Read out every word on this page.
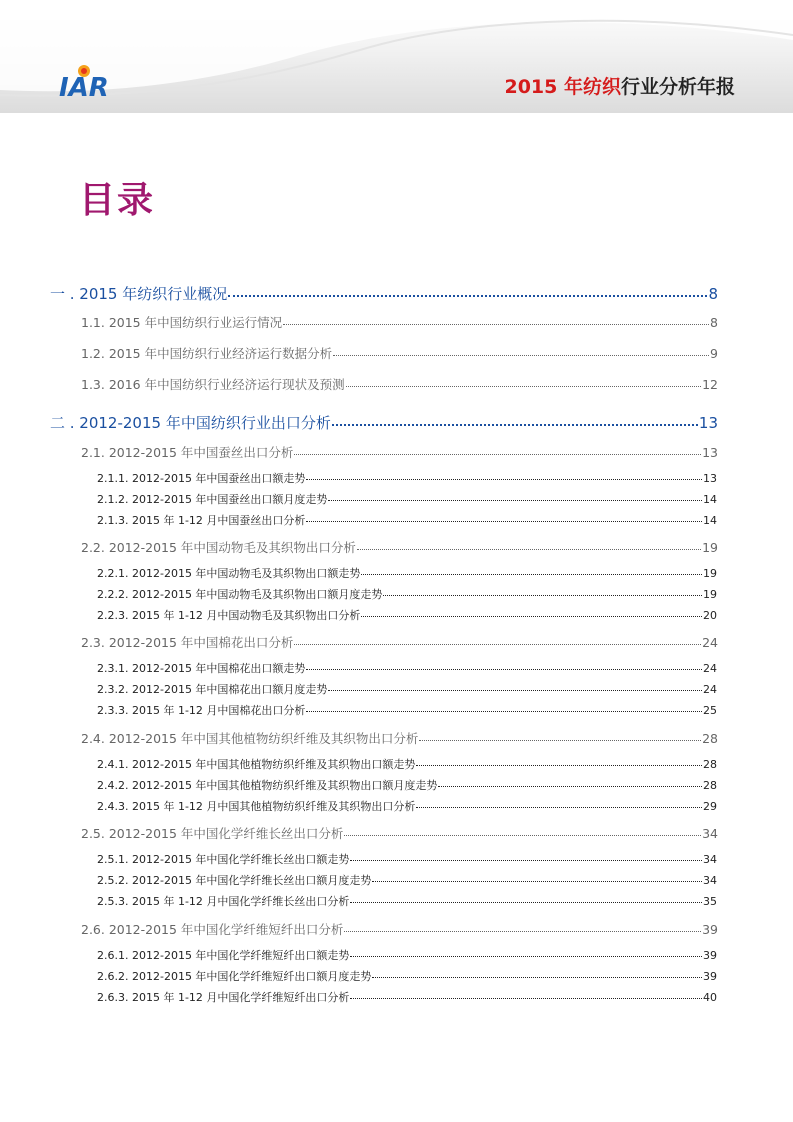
IAR	2015 年纺织行业分析年报
目录
一 . 2015 年纺织行业概况	8
1.1. 2015 年中国纺织行业运行情况	8
1.2. 2015 年中国纺织行业经济运行数据分析	9
1.3. 2016 年中国纺织行业经济运行现状及预测	12
二 . 2012-2015 年中国纺织行业出口分析	13
2.1. 2012-2015 年中国蚕丝出口分析	13
2.1.1. 2012-2015 年中国蚕丝出口额走势	13
2.1.2. 2012-2015 年中国蚕丝出口额月度走势	14
2.1.3. 2015 年 1-12 月中国蚕丝出口分析	14
2.2. 2012-2015 年中国动物毛及其织物出口分析	19
2.2.1. 2012-2015 年中国动物毛及其织物出口额走势	19
2.2.2. 2012-2015 年中国动物毛及其织物出口额月度走势	19
2.2.3. 2015 年 1-12 月中国动物毛及其织物出口分析	20
2.3. 2012-2015 年中国棉花出口分析	24
2.3.1. 2012-2015 年中国棉花出口额走势	24
2.3.2. 2012-2015 年中国棉花出口额月度走势	24
2.3.3. 2015 年 1-12 月中国棉花出口分析	25
2.4. 2012-2015 年中国其他植物纺织纤维及其织物出口分析	28
2.4.1. 2012-2015 年中国其他植物纺织纤维及其织物出口额走势	28
2.4.2. 2012-2015 年中国其他植物纺织纤维及其织物出口额月度走势	28
2.4.3. 2015 年 1-12 月中国其他植物纺织纤维及其织物出口分析	29
2.5. 2012-2015 年中国化学纤维长丝出口分析	34
2.5.1. 2012-2015 年中国化学纤维长丝出口额走势	34
2.5.2. 2012-2015 年中国化学纤维长丝出口额月度走势	34
2.5.3. 2015 年 1-12 月中国化学纤维长丝出口分析	35
2.6. 2012-2015 年中国化学纤维短纤出口分析	39
2.6.1. 2012-2015 年中国化学纤维短纤出口额走势	39
2.6.2. 2012-2015 年中国化学纤维短纤出口额月度走势	39
2.6.3. 2015 年 1-12 月中国化学纤维短纤出口分析	40
